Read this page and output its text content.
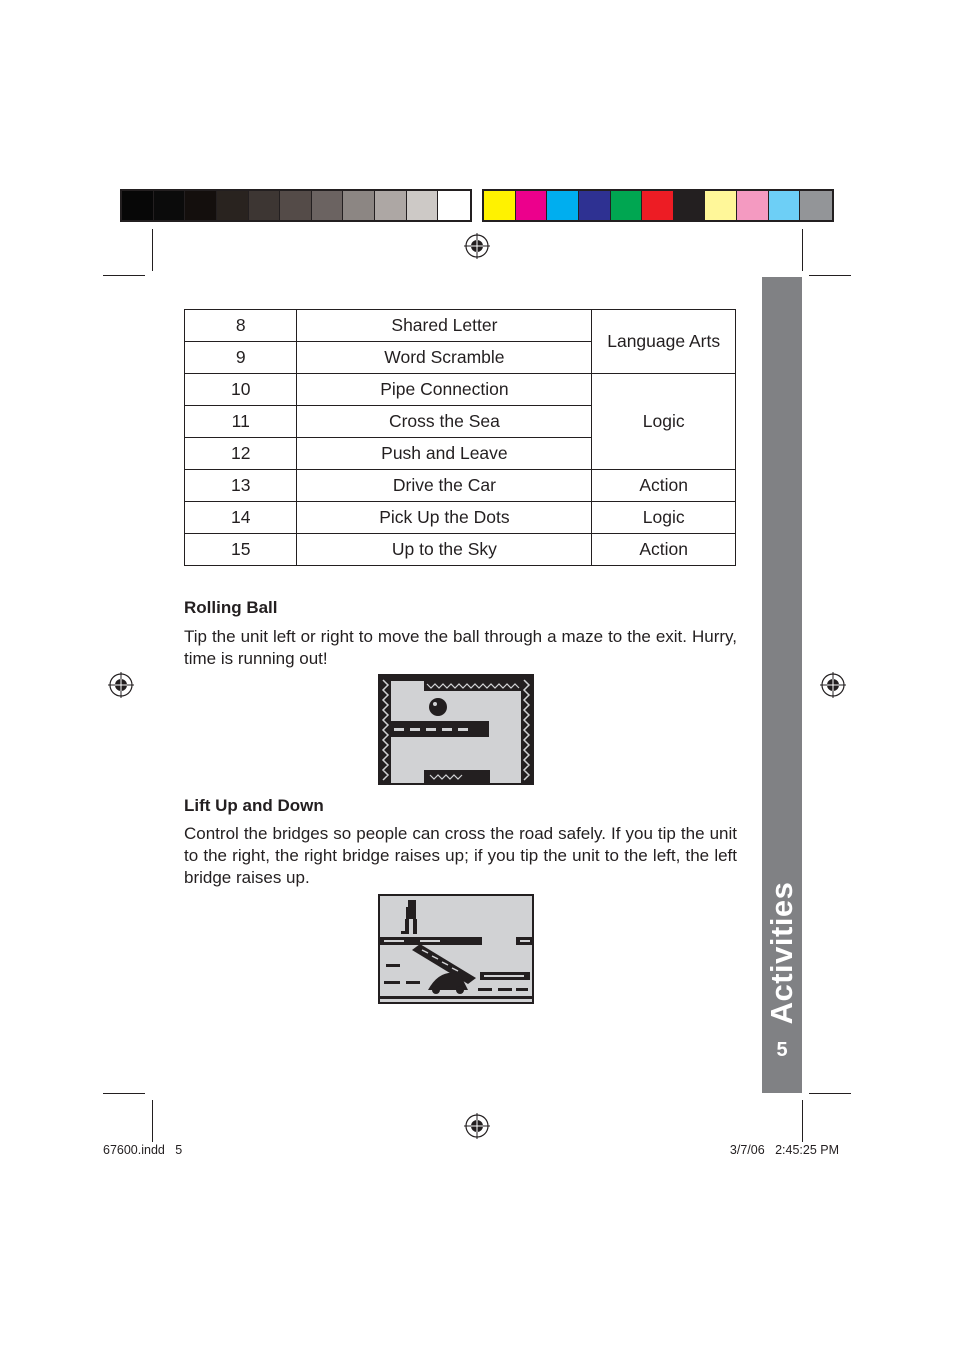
Activities
5
8	Shared Letter	Language Arts
9	Word Scramble	
10	Pipe Connection	Logic
11	Cross the Sea	
12	Push and Leave	
13	Drive the Car	Action
14	Pick Up the Dots	Logic
15	Up to the Sky	Action
Rolling Ball
Tip the unit left or right to move the ball through a maze to the exit. Hurry, time is running out!
Lift Up and Down
Control the bridges so people can cross the road safely. If you tip the unit to the right, the right bridge raises up; if you tip the unit to the left, the left bridge raises up.
67600.indd   5	3/7/06   2:45:25 PM
